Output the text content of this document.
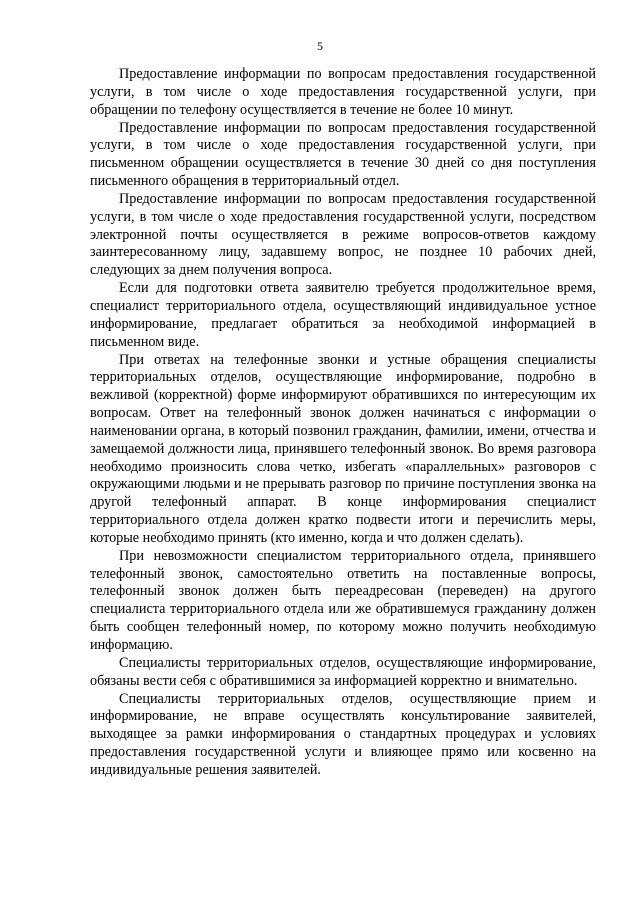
5

Предоставление информации по вопросам предоставления государственной услуги, в том числе о ходе предоставления государственной услуги, при обращении по телефону осуществляется в течение не более 10 минут.

Предоставление информации по вопросам предоставления государственной услуги, в том числе о ходе предоставления государственной услуги, при письменном обращении осуществляется в течение 30 дней со дня поступления письменного обращения в территориальный отдел.

Предоставление информации по вопросам предоставления государственной услуги, в том числе о ходе предоставления государственной услуги, посредством электронной почты осуществляется в режиме вопросов-ответов каждому заинтересованному лицу, задавшему вопрос, не позднее 10 рабочих дней, следующих за днем получения вопроса.

Если для подготовки ответа заявителю требуется продолжительное время, специалист территориального отдела, осуществляющий индивидуальное устное информирование, предлагает обратиться за необходимой информацией в письменном виде.

При ответах на телефонные звонки и устные обращения специалисты территориальных отделов, осуществляющие информирование, подробно в вежливой (корректной) форме информируют обратившихся по интересующим их вопросам. Ответ на телефонный звонок должен начинаться с информации о наименовании органа, в который позвонил гражданин, фамилии, имени, отчества и замещаемой должности лица, принявшего телефонный звонок. Во время разговора необходимо произносить слова четко, избегать «параллельных» разговоров с окружающими людьми и не прерывать разговор по причине поступления звонка на другой телефонный аппарат. В конце информирования специалист территориального отдела должен кратко подвести итоги и перечислить меры, которые необходимо принять (кто именно, когда и что должен сделать).

При невозможности специалистом территориального отдела, принявшего телефонный звонок, самостоятельно ответить на поставленные вопросы, телефонный звонок должен быть переадресован (переведен) на другого специалиста территориального отдела или же обратившемуся гражданину должен быть сообщен телефонный номер, по которому можно получить необходимую информацию.

Специалисты территориальных отделов, осуществляющие информирование, обязаны вести себя с обратившимися за информацией корректно и внимательно.

Специалисты территориальных отделов, осуществляющие прием и информирование, не вправе осуществлять консультирование заявителей, выходящее за рамки информирования о стандартных процедурах и условиях предоставления государственной услуги и влияющее прямо или косвенно на индивидуальные решения заявителей.
